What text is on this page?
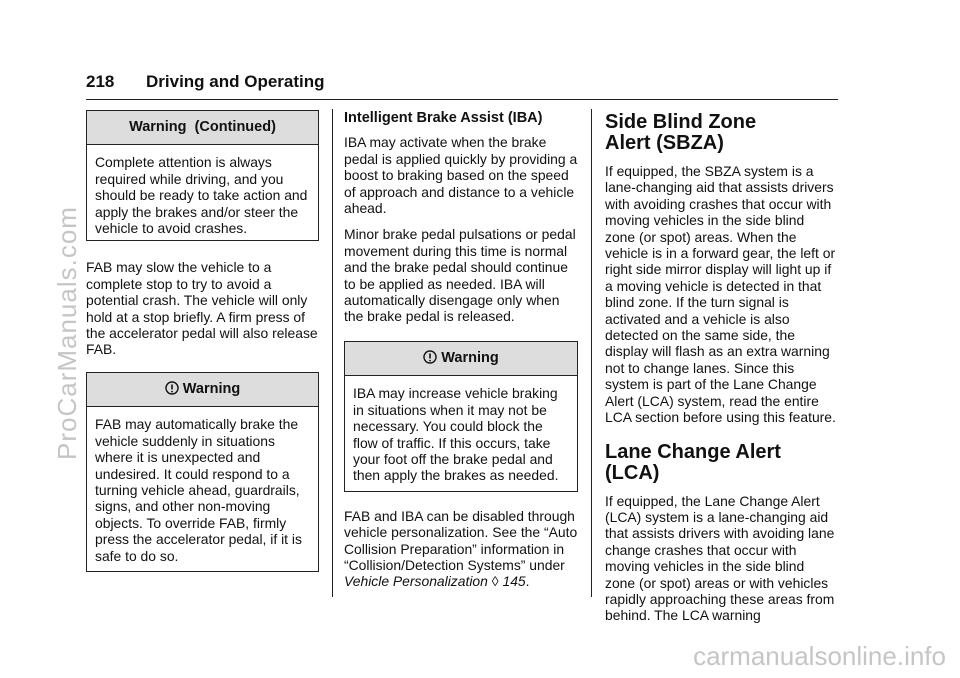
218 Driving and Operating
Warning  (Continued)

Complete attention is always required while driving, and you should be ready to take action and apply the brakes and/or steer the vehicle to avoid crashes.

FAB may slow the vehicle to a complete stop to try to avoid a potential crash. The vehicle will only hold at a stop briefly. A firm press of the accelerator pedal will also release FAB.

Warning

FAB may automatically brake the vehicle suddenly in situations where it is unexpected and undesired. It could respond to a turning vehicle ahead, guardrails, signs, and other non-moving objects. To override FAB, firmly press the accelerator pedal, if it is safe to do so.

Intelligent Brake Assist (IBA)

IBA may activate when the brake pedal is applied quickly by providing a boost to braking based on the speed of approach and distance to a vehicle ahead.

Minor brake pedal pulsations or pedal movement during this time is normal and the brake pedal should continue to be applied as needed. IBA will automatically disengage only when the brake pedal is released.

Warning

IBA may increase vehicle braking in situations when it may not be necessary. You could block the flow of traffic. If this occurs, take your foot off the brake pedal and then apply the brakes as needed.

FAB and IBA can be disabled through vehicle personalization. See the “Auto Collision Preparation” information in “Collision/Detection Systems” under Vehicle Personalization ◊ 145.

Side Blind Zone Alert (SBZA)

If equipped, the SBZA system is a lane-changing aid that assists drivers with avoiding crashes that occur with moving vehicles in the side blind zone (or spot) areas. When the vehicle is in a forward gear, the left or right side mirror display will light up if a moving vehicle is detected in that blind zone. If the turn signal is activated and a vehicle is also detected on the same side, the display will flash as an extra warning not to change lanes. Since this system is part of the Lane Change Alert (LCA) system, read the entire LCA section before using this feature.

Lane Change Alert (LCA)

If equipped, the Lane Change Alert (LCA) system is a lane-changing aid that assists drivers with avoiding lane change crashes that occur with moving vehicles in the side blind zone (or spot) areas or with vehicles rapidly approaching these areas from behind. The LCA warning

ProCarManuals.com
carmanualsonline.info
